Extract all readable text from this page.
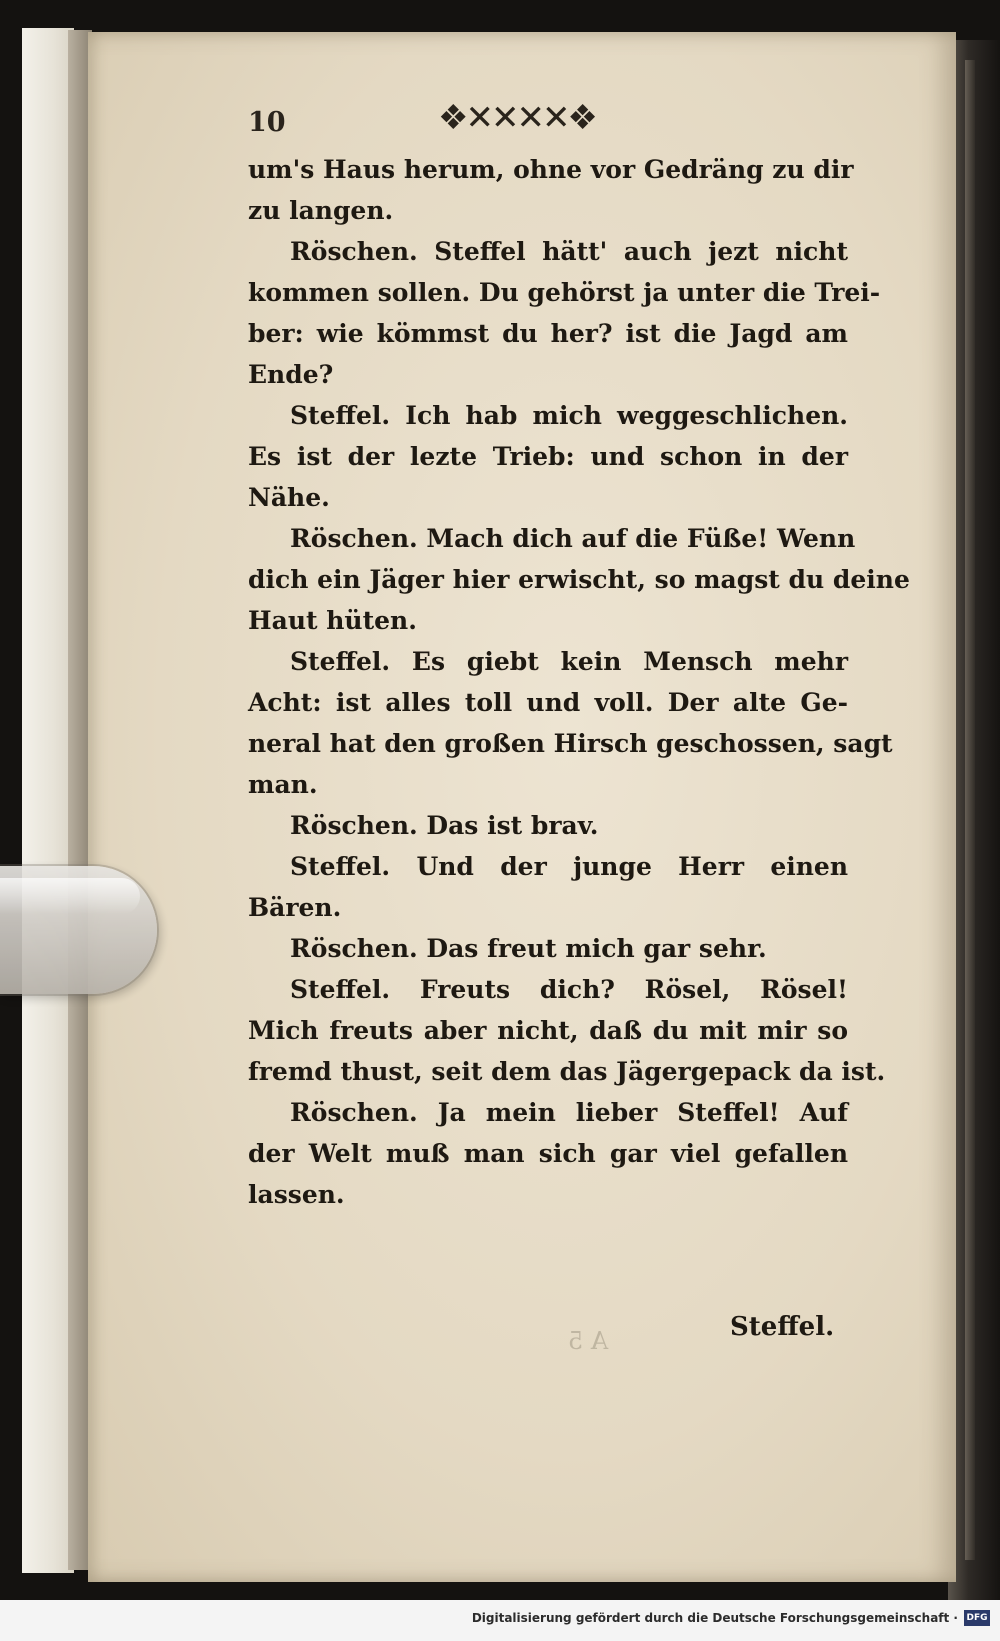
10	❖✕✕✕✕❖
um's Haus herum, ohne vor Gedräng zu dir
zu langen.
Röschen. Steffel hätt' auch jezt nicht
kommen sollen. Du gehörst ja unter die Trei-
ber: wie kömmst du her? ist die Jagd am
Ende?
Steffel. Ich hab mich weggeschlichen.
Es ist der lezte Trieb: und schon in der
Nähe.
Röschen. Mach dich auf die Füße! Wenn
dich ein Jäger hier erwischt, so magst du deine
Haut hüten.
Steffel. Es giebt kein Mensch mehr
Acht: ist alles toll und voll. Der alte Ge-
neral hat den großen Hirsch geschossen, sagt
man.
Röschen. Das ist brav.
Steffel. Und der junge Herr einen
Bären.
Röschen. Das freut mich gar sehr.
Steffel. Freuts dich? Rösel, Rösel!
Mich freuts aber nicht, daß du mit mir so
fremd thust, seit dem das Jägergepack da ist.
Röschen. Ja mein lieber Steffel! Auf
der Welt muß man sich gar viel gefallen
lassen.
A 5	Steffel.
Digitalisierung gefördert durch die Deutsche Forschungsgemeinschaft · DFG
